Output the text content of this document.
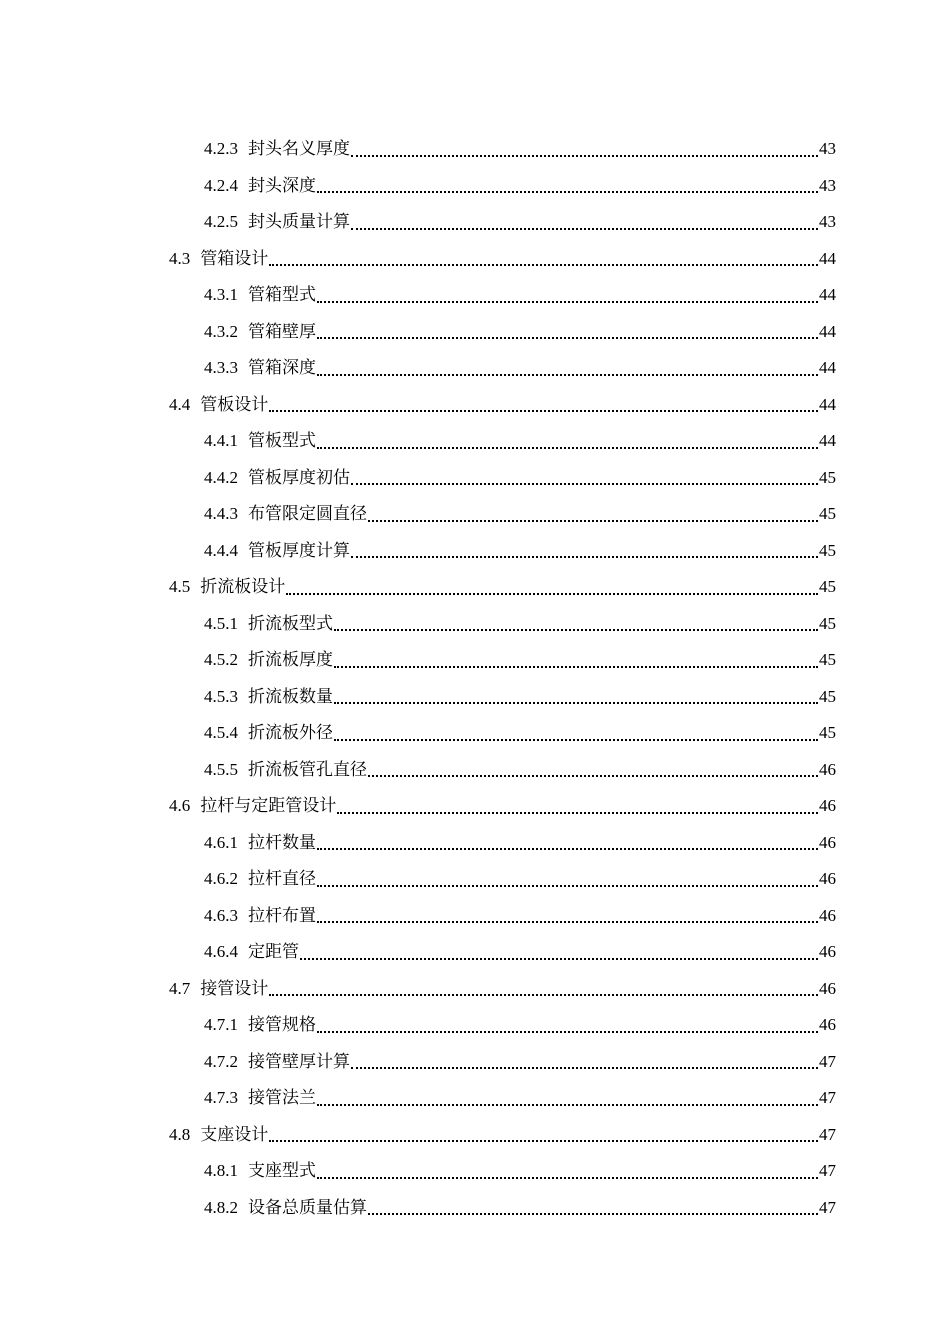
4.2.3 封头名义厚度	43
4.2.4 封头深度	43
4.2.5 封头质量计算	43
4.3 管箱设计	44
4.3.1 管箱型式	44
4.3.2 管箱壁厚	44
4.3.3 管箱深度	44
4.4 管板设计	44
4.4.1 管板型式	44
4.4.2 管板厚度初估	45
4.4.3 布管限定圆直径	45
4.4.4 管板厚度计算	45
4.5 折流板设计	45
4.5.1 折流板型式	45
4.5.2 折流板厚度	45
4.5.3 折流板数量	45
4.5.4 折流板外径	45
4.5.5 折流板管孔直径	46
4.6 拉杆与定距管设计	46
4.6.1 拉杆数量	46
4.6.2 拉杆直径	46
4.6.3 拉杆布置	46
4.6.4 定距管	46
4.7 接管设计	46
4.7.1 接管规格	46
4.7.2 接管壁厚计算	47
4.7.3 接管法兰	47
4.8 支座设计	47
4.8.1 支座型式	47
4.8.2 设备总质量估算	47
